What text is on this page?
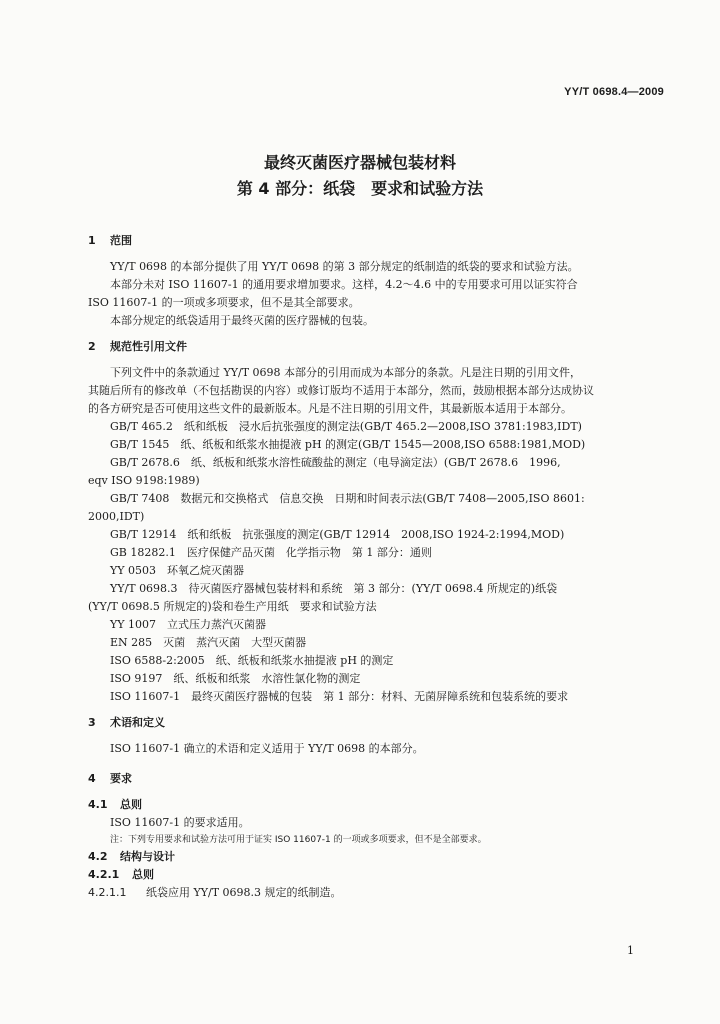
YY/T 0698.4—2009
最终灭菌医疗器械包装材料
第 4 部分：纸袋　要求和试验方法
1 范围
YY/T 0698 的本部分提供了用 YY/T 0698 的第 3 部分规定的纸制造的纸袋的要求和试验方法。
本部分未对 ISO 11607-1 的通用要求增加要求。这样，4.2～4.6 中的专用要求可用以证实符合
ISO 11607-1 的一项或多项要求，但不是其全部要求。
本部分规定的纸袋适用于最终灭菌的医疗器械的包装。
2 规范性引用文件
下列文件中的条款通过 YY/T 0698 本部分的引用而成为本部分的条款。凡是注日期的引用文件，
其随后所有的修改单（不包括勘误的内容）或修订版均不适用于本部分，然而，鼓励根据本部分达成协议
的各方研究是否可使用这些文件的最新版本。凡是不注日期的引用文件，其最新版本适用于本部分。
GB/T 465.2　纸和纸板　浸水后抗张强度的测定法(GB/T 465.2—2008,ISO 3781:1983,IDT)
GB/T 1545　纸、纸板和纸浆水抽提液 pH 的测定(GB/T 1545—2008,ISO 6588:1981,MOD)
GB/T 2678.6　纸、纸板和纸浆水溶性硫酸盐的测定（电导滴定法）(GB/T 2678.6　1996,
eqv ISO 9198:1989)
GB/T 7408　数据元和交换格式　信息交换　日期和时间表示法(GB/T 7408—2005,ISO 8601:
2000,IDT)
GB/T 12914　纸和纸板　抗张强度的测定(GB/T 12914　2008,ISO 1924-2:1994,MOD)
GB 18282.1　医疗保健产品灭菌　化学指示物　第 1 部分：通则
YY 0503　环氧乙烷灭菌器
YY/T 0698.3　待灭菌医疗器械包装材料和系统　第 3 部分：(YY/T 0698.4 所规定的)纸袋
(YY/T 0698.5 所规定的)袋和卷生产用纸　要求和试验方法
YY 1007　立式压力蒸汽灭菌器
EN 285　灭菌　蒸汽灭菌　大型灭菌器
ISO 6588-2:2005　纸、纸板和纸浆水抽提液 pH 的测定
ISO 9197　纸、纸板和纸浆　水溶性氯化物的测定
ISO 11607-1　最终灭菌医疗器械的包装　第 1 部分：材料、无菌屏障系统和包装系统的要求
3 术语和定义
ISO 11607-1 确立的术语和定义适用于 YY/T 0698 的本部分。
4 要求
4.1 总则
ISO 11607-1 的要求适用。
注：下列专用要求和试验方法可用于证实 ISO 11607-1 的一项或多项要求，但不是全部要求。
4.2 结构与设计
4.2.1 总则
4.2.1.1 纸袋应用 YY/T 0698.3 规定的纸制造。
1
